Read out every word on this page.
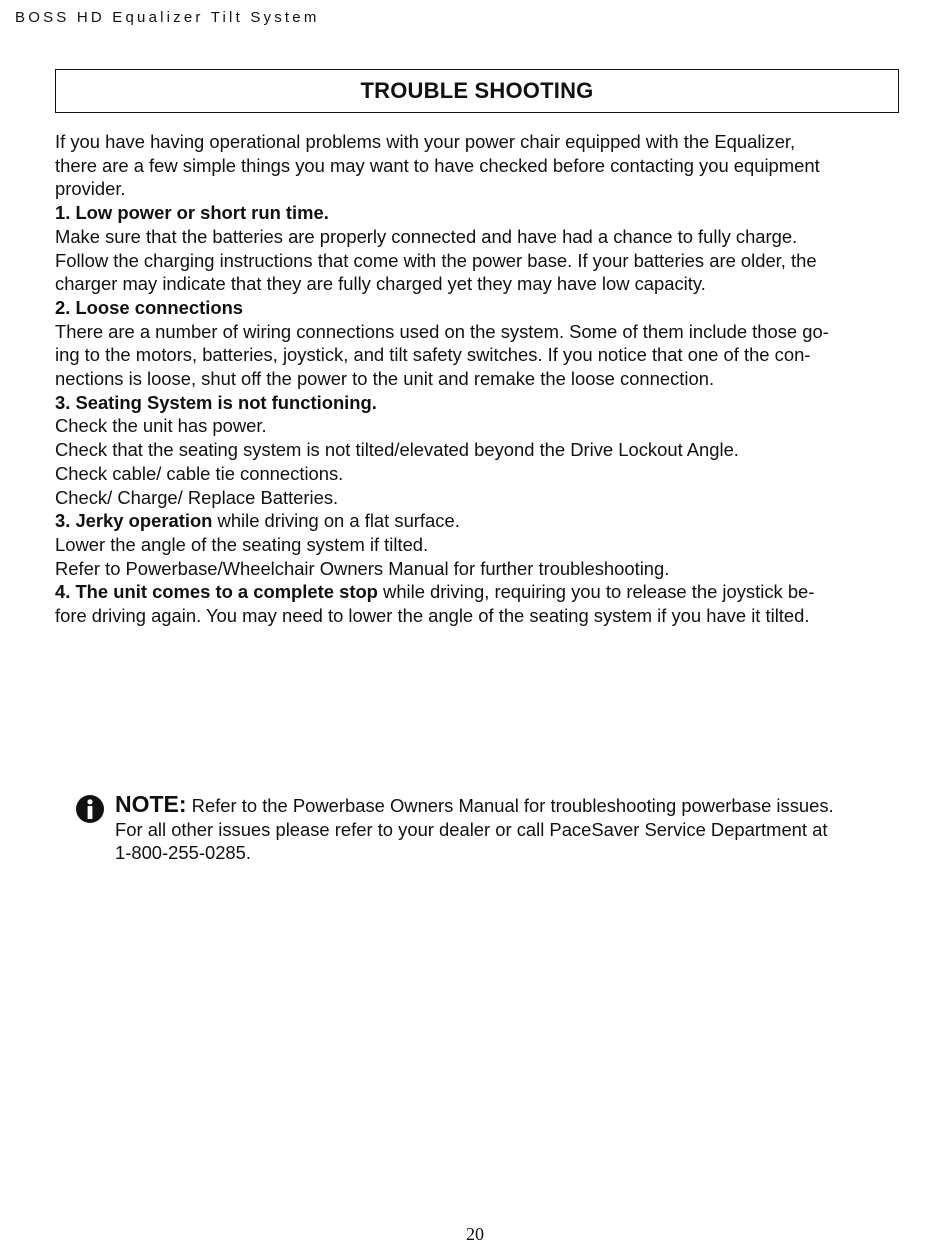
BOSS HD Equalizer Tilt System
TROUBLE SHOOTING

If you have having operational problems with your power chair equipped with the Equalizer,
there are a few simple things you may want to have checked before contacting you equipment
provider.

1. Low power or short run time.
Make sure that the batteries are properly connected and have had a chance to fully charge.
Follow the charging instructions that come with the power base. If your batteries are older, the
charger may indicate that they are fully charged yet they may have low capacity.

2. Loose connections
There are a number of wiring connections used on the system. Some of them include those go-
ing to the motors, batteries, joystick, and tilt safety switches. If you notice that one of the con-
nections is loose, shut off the power to the unit and remake the loose connection.

3. Seating System is not functioning.
Check the unit has power.
Check that the seating system is not tilted/elevated beyond the Drive Lockout Angle.
Check cable/ cable tie connections.
Check/ Charge/ Replace Batteries.

3. Jerky operation while driving on a flat surface.
Lower the angle of the seating system if tilted.
Refer to Powerbase/Wheelchair Owners Manual for further troubleshooting.

4. The unit comes to a complete stop while driving, requiring you to release the joystick be-
fore driving again. You may need to lower the angle of the seating system if you have it tilted.

NOTE: Refer to the Powerbase Owners Manual for troubleshooting powerbase issues.
For all other issues please refer to your dealer or call PaceSaver Service Department at
1-800-255-0285.
20
